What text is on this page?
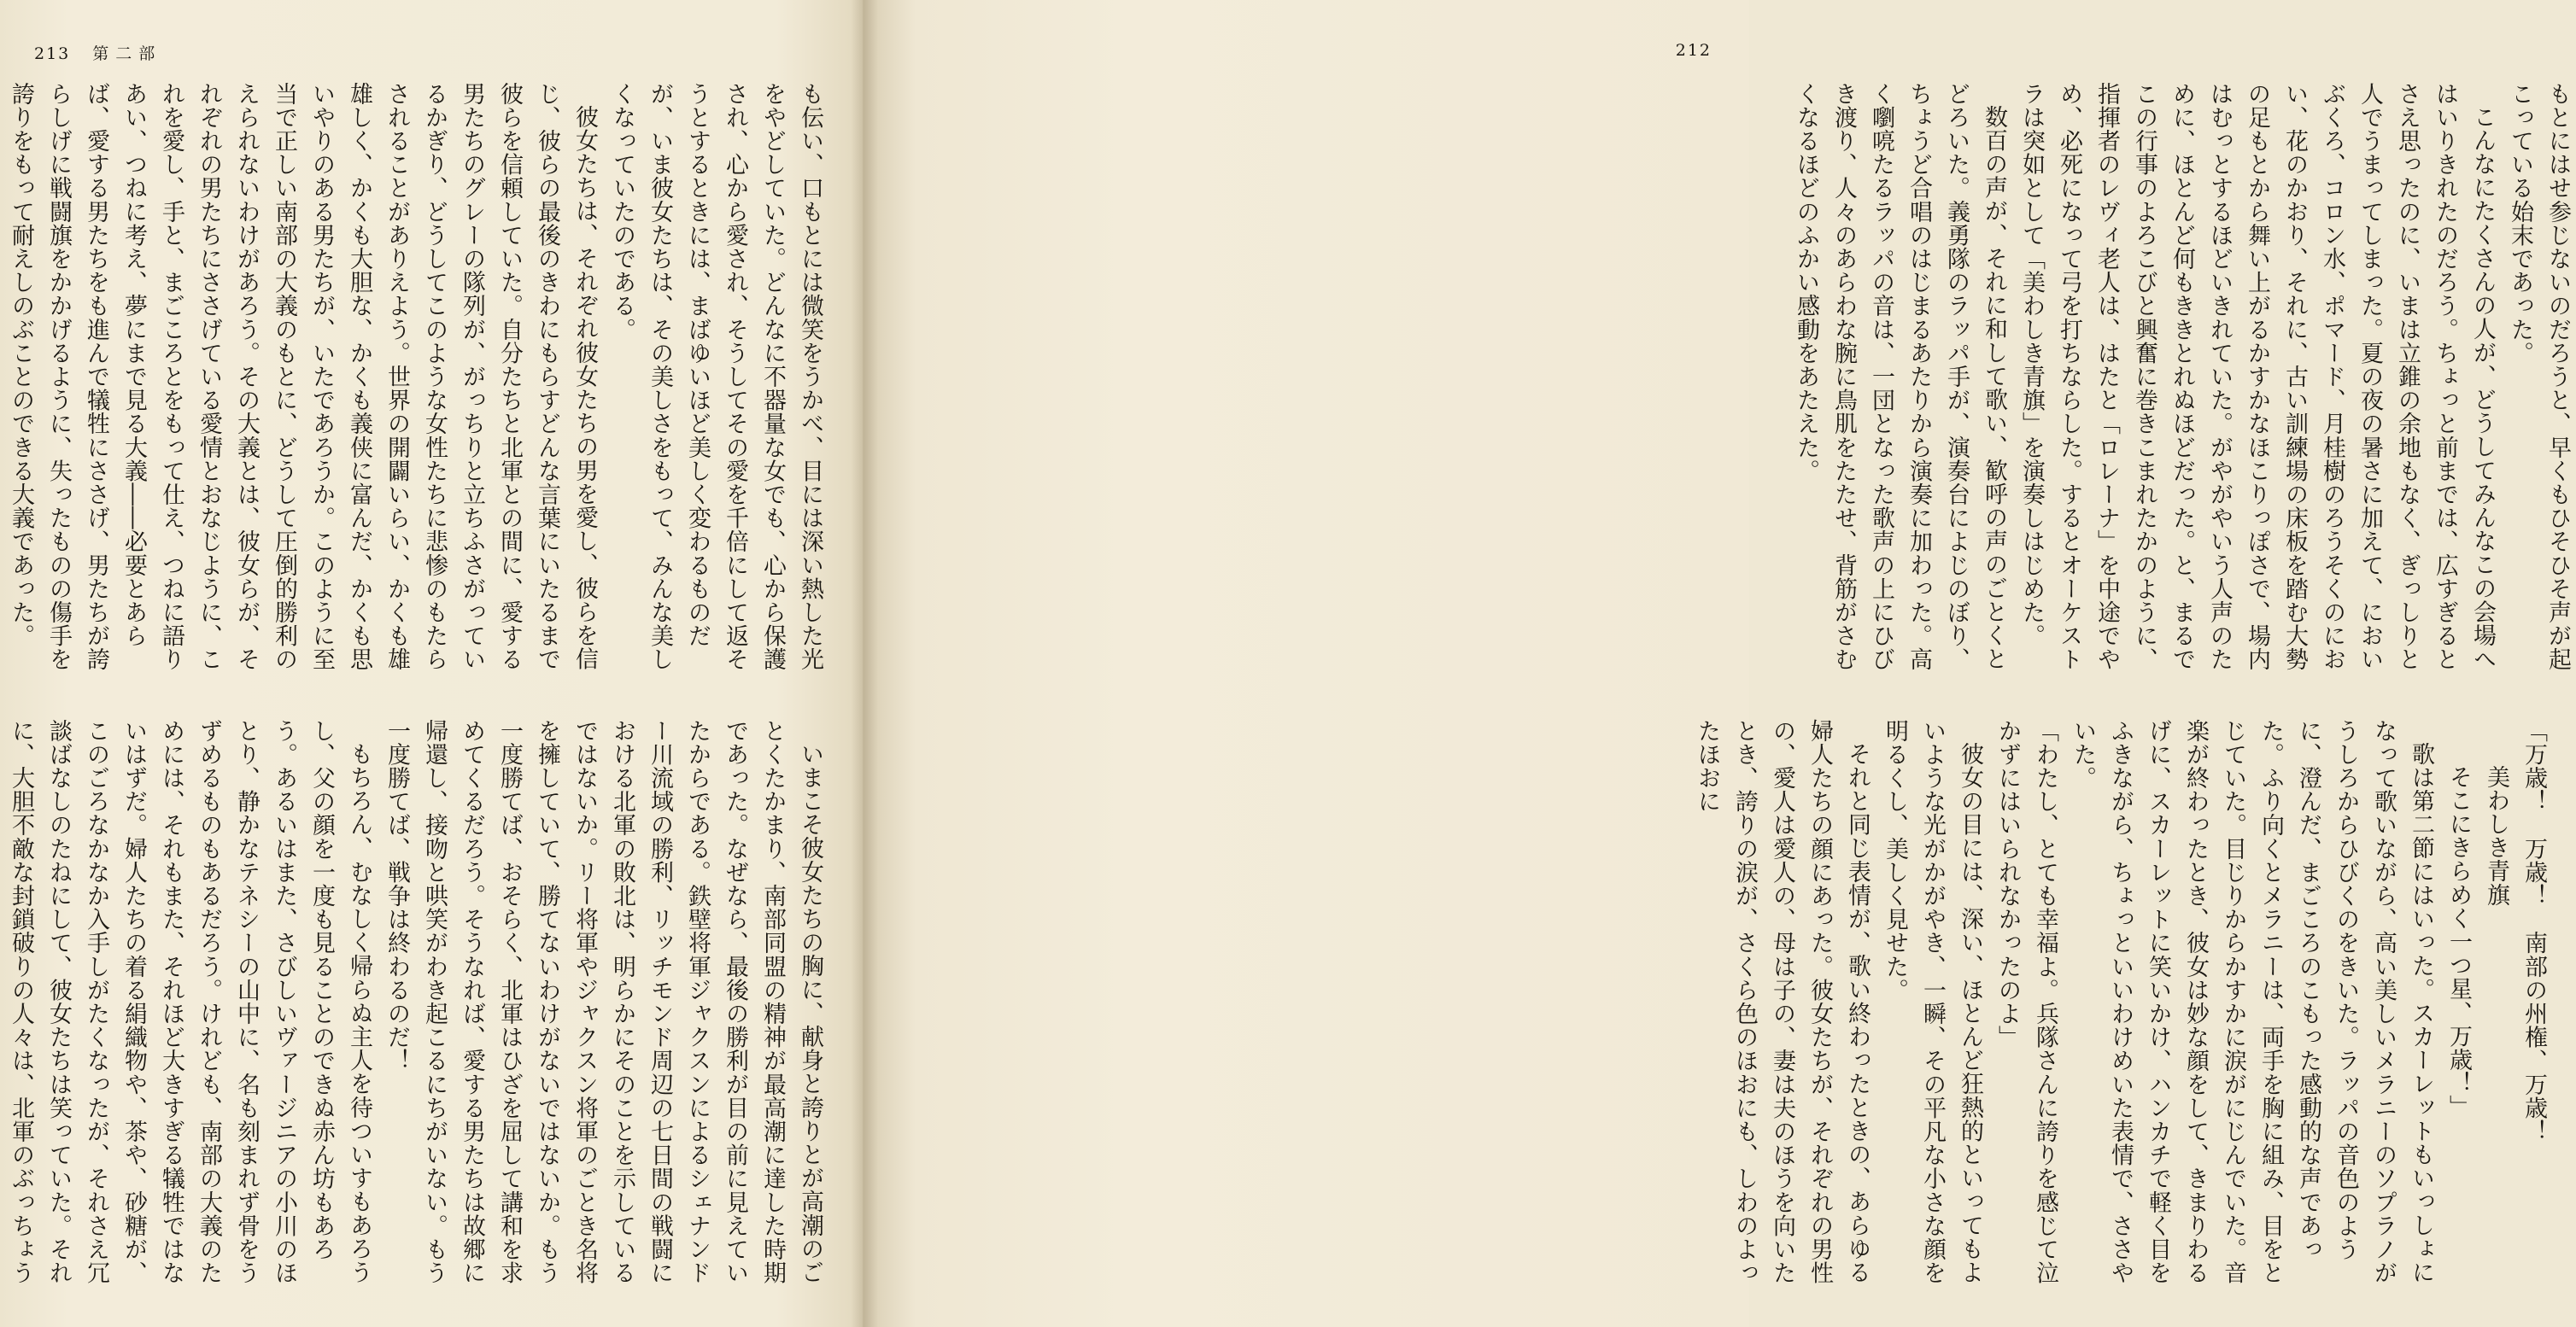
213 第二部

も伝い、口もとには微笑をうかべ、目には深い熱した光をやどしていた。どんなに不器量な女でも、心から保護され、心から愛され、そうしてその愛を千倍にして返そうとするときには、まばゆいほど美しく変わるものだが、いま彼女たちは、その美しさをもって、みんな美しくなっていたのである。

彼女たちは、それぞれ彼女たちの男を愛し、彼らを信じ、彼らの最後のきわにもらすどんな言葉にいたるまで彼らを信頼していた。自分たちと北軍との間に、愛する男たちのグレーの隊列が、がっちりと立ちふさがっているかぎり、どうしてこのような女性たちに悲惨のもたらされることがありえよう。世界の開闢いらい、かくも雄雄しく、かくも大胆な、かくも義侠に富んだ、かくも思いやりのある男たちが、いたであろうか。このように至当で正しい南部の大義のもとに、どうして圧倒的勝利のえられないわけがあろう。その大義とは、彼女らが、それぞれの男たちにささげている愛情とおなじように、これを愛し、手と、まごころとをもって仕え、つねに語りあい、つねに考え、夢にまで見る大義――必要とあらば、愛する男たちをも進んで犠牲にささげ、男たちが誇らしげに戦闘旗をかかげるように、失ったものの傷手を誇りをもって耐えしのぶことのできる大義であった。

いまこそ彼女たちの胸に、献身と誇りとが高潮のごとくたかまり、南部同盟の精神が最高潮に達した時期であった。なぜなら、最後の勝利が目の前に見えていたからである。鉄壁将軍ジャクスンによるシェナンドー川流域の勝利、リッチモンド周辺の七日間の戦闘における北軍の敗北は、明らかにそのことを示しているではないか。リー将軍やジャクスン将軍のごとき名将を擁していて、勝てないわけがないではないか。もう一度勝てば、おそらく、北軍はひざを屈して講和を求めてくるだろう。そうなれば、愛する男たちは故郷に帰還し、接吻と哄笑がわき起こるにちがいない。もう一度勝てば、戦争は終わるのだ！

もちろん、むなしく帰らぬ主人を待ついすもあろうし、父の顔を一度も見ることのできぬ赤ん坊もあろう。あるいはまた、さびしいヴァージニアの小川のほとり、静かなテネシーの山中に、名も刻まれず骨をうずめるものもあるだろう。けれども、南部の大義のためには、それもまた、それほど大きすぎる犠牲ではないはずだ。婦人たちの着る絹織物や、茶や、砂糖が、このごろなかなか入手しがたくなったが、それさえ冗談ばなしのたねにして、彼女たちは笑っていた。それに、大胆不敵な封鎖破りの人々は、北軍のぶっちょう

212

もとにはせ参じないのだろうと、早くもひそひそ声が起こっている始末であった。

こんなにたくさんの人が、どうしてみんなこの会場へはいりきれたのだろう。ちょっと前までは、広すぎるとさえ思ったのに、いまは立錐の余地もなく、ぎっしりと人でうまってしまった。夏の夜の暑さに加えて、においぶくろ、コロン水、ポマード、月桂樹のろうそくのにおい、花のかおり、それに、古い訓練場の床板を踏む大勢の足もとから舞い上がるかすかなほこりっぽさで、場内はむっとするほどいきれていた。がやがやいう人声のために、ほとんど何もききとれぬほどだった。と、まるでこの行事のよろこびと興奮に巻きこまれたかのように、指揮者のレヴィ老人は、はたと「ロレーナ」を中途でやめ、必死になって弓を打ちならした。するとオーケストラは突如として「美わしき青旗」を演奏しはじめた。

数百の声が、それに和して歌い、歓呼の声のごとくとどろいた。義勇隊のラッパ手が、演奏台によじのぼり、ちょうど合唱のはじまるあたりから演奏に加わった。高く嚠喨たるラッパの音は、一団となった歌声の上にひびき渡り、人々のあらわな腕に鳥肌をたたせ、背筋がさむくなるほどのふかい感動をあたえた。

「万歳！　万歳！　南部の州権、万歳！

美わしき青旗

そこにきらめく一つ星、万歳！」

歌は第二節にはいった。スカーレットもいっしょになって歌いながら、高い美しいメラニーのソプラノがうしろからひびくのをきいた。ラッパの音色のように、澄んだ、まごころのこもった感動的な声であった。ふり向くとメラニーは、両手を胸に組み、目をとじていた。目じりからかすかに涙がにじんでいた。音楽が終わったとき、彼女は妙な顔をして、きまりわるげに、スカーレットに笑いかけ、ハンカチで軽く目をふきながら、ちょっといいわけめいた表情で、ささやいた。

「わたし、とても幸福よ。兵隊さんに誇りを感じて泣かずにはいられなかったのよ」

彼女の目には、深い、ほとんど狂熱的といってもよいような光がかがやき、一瞬、その平凡な小さな顔を明るくし、美しく見せた。

それと同じ表情が、歌い終わったときの、あらゆる婦人たちの顔にあった。彼女たちが、それぞれの男性の、愛人は愛人の、母は子の、妻は夫のほうを向いたとき、誇りの涙が、さくら色のほおにも、しわのよったほおに
